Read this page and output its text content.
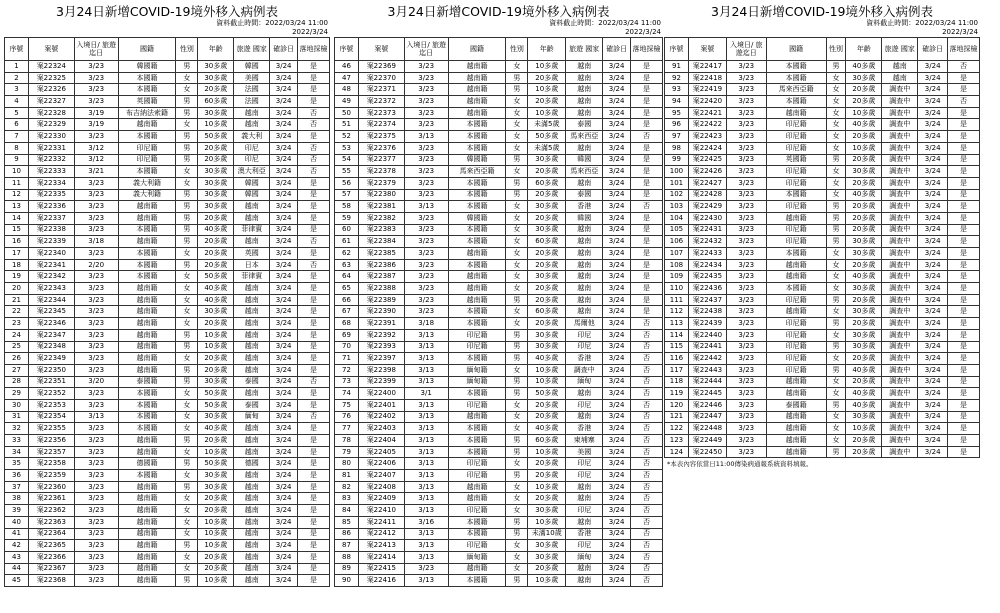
3月24日新增COVID-19境外移入病例表
資料截止時間：2022/03/24 11:00
2022/3/24
序號	案號	入境日/ 旅遊迄日	國籍	性別	年齡	旅遊 國家	確診日	落地採檢
1	案22324	3/23	韓國籍	男	30多歲	韓國	3/24	是
2	案22325	3/23	本國籍	女	30多歲	美國	3/24	是
3	案22326	3/23	本國籍	女	20多歲	法國	3/24	是
4	案22327	3/23	英國籍	男	60多歲	法國	3/24	是
5	案22328	3/19	布吉納法索籍	男	30多歲	越南	3/24	否
6	案22329	3/19	越南籍	女	10多歲	越南	3/24	否
7	案22330	3/23	本國籍	男	50多歲	義大利	3/24	是
8	案22331	3/12	印尼籍	男	20多歲	印尼	3/24	否
9	案22332	3/12	印尼籍	男	20多歲	印尼	3/24	否
10	案22333	3/21	本國籍	女	30多歲	澳大利亞	3/24	否
11	案22334	3/23	義大利籍	女	30多歲	韓國	3/24	是
12	案22335	3/23	義大利籍	男	30多歲	韓國	3/24	是
13	案22336	3/23	越南籍	男	30多歲	越南	3/24	是
14	案22337	3/23	越南籍	男	20多歲	越南	3/24	是
15	案22338	3/23	本國籍	男	40多歲	菲律賓	3/24	是
16	案22339	3/18	越南籍	男	20多歲	越南	3/24	否
17	案22340	3/23	本國籍	女	20多歲	英國	3/24	是
18	案22341	2/20	本國籍	男	20多歲	日本	3/24	否
19	案22342	3/23	本國籍	女	50多歲	菲律賓	3/24	是
20	案22343	3/23	越南籍	女	40多歲	越南	3/24	是
21	案22344	3/23	越南籍	女	40多歲	越南	3/24	是
22	案22345	3/23	越南籍	女	30多歲	越南	3/24	是
23	案22346	3/23	越南籍	女	20多歲	越南	3/24	是
24	案22347	3/23	越南籍	男	10多歲	越南	3/24	是
25	案22348	3/23	越南籍	男	10多歲	越南	3/24	是
26	案22349	3/23	越南籍	女	20多歲	越南	3/24	是
27	案22350	3/23	越南籍	男	20多歲	越南	3/24	是
28	案22351	3/20	泰國籍	男	30多歲	泰國	3/24	否
29	案22352	3/23	本國籍	女	50多歲	越南	3/24	是
30	案22353	3/23	本國籍	女	50多歲	泰國	3/24	是
31	案22354	3/13	本國籍	女	30多歲	緬甸	3/24	否
32	案22355	3/23	本國籍	女	40多歲	越南	3/24	是
33	案22356	3/23	越南籍	男	20多歲	越南	3/24	是
34	案22357	3/23	越南籍	女	10多歲	越南	3/24	是
35	案22358	3/23	德國籍	男	50多歲	德國	3/24	是
36	案22359	3/23	本國籍	女	30多歲	越南	3/24	是
37	案22360	3/23	越南籍	男	30多歲	越南	3/24	是
38	案22361	3/23	越南籍	女	20多歲	越南	3/24	是
39	案22362	3/23	越南籍	女	20多歲	越南	3/24	是
40	案22363	3/23	越南籍	女	10多歲	越南	3/24	是
41	案22364	3/23	越南籍	女	10多歲	越南	3/24	是
42	案22365	3/23	越南籍	男	10多歲	越南	3/24	是
43	案22366	3/23	越南籍	女	20多歲	越南	3/24	是
44	案22367	3/23	越南籍	女	20多歲	越南	3/24	是
45	案22368	3/23	越南籍	男	10多歲	越南	3/24	是
3月24日新增COVID-19境外移入病例表
資料截止時間：2022/03/24 11:00
2022/3/24
序號	案號	入境日/ 旅遊迄日	國籍	性別	年齡	旅遊 國家	確診日	落地採檢
46	案22369	3/23	越南籍	女	10多歲	越南	3/24	是
47	案22370	3/23	越南籍	男	20多歲	越南	3/24	是
48	案22371	3/23	越南籍	男	10多歲	越南	3/24	是
49	案22372	3/23	越南籍	女	20多歲	越南	3/24	是
50	案22373	3/23	越南籍	女	10多歲	越南	3/24	是
51	案22374	3/23	本國籍	女	未滿5歲	泰國	3/24	是
52	案22375	3/13	本國籍	女	50多歲	馬來西亞	3/24	否
53	案22376	3/23	本國籍	女	未滿5歲	越南	3/24	是
54	案22377	3/23	韓國籍	男	30多歲	韓國	3/24	是
55	案22378	3/23	馬來西亞籍	女	20多歲	馬來西亞	3/24	是
56	案22379	3/23	本國籍	男	60多歲	越南	3/24	是
57	案22380	3/23	本國籍	男	20多歲	泰國	3/24	是
58	案22381	3/13	本國籍	女	30多歲	香港	3/24	否
59	案22382	3/23	韓國籍	女	20多歲	韓國	3/24	是
60	案22383	3/23	本國籍	女	30多歲	越南	3/24	是
61	案22384	3/23	本國籍	女	60多歲	越南	3/24	是
62	案22385	3/23	越南籍	女	20多歲	越南	3/24	是
63	案22386	3/23	本國籍	女	20多歲	越南	3/24	是
64	案22387	3/23	越南籍	女	30多歲	越南	3/24	是
65	案22388	3/23	越南籍	女	20多歲	越南	3/24	是
66	案22389	3/23	越南籍	男	20多歲	越南	3/24	是
67	案22390	3/23	本國籍	女	60多歲	越南	3/24	是
68	案22391	3/18	本國籍	女	20多歲	馬爾他	3/24	否
69	案22392	3/13	印尼籍	男	30多歲	印尼	3/24	否
70	案22393	3/13	印尼籍	男	30多歲	印尼	3/24	否
71	案22397	3/13	本國籍	男	40多歲	香港	3/24	否
72	案22398	3/13	緬甸籍	女	10多歲	調查中	3/24	否
73	案22399	3/13	緬甸籍	男	10多歲	緬甸	3/24	否
74	案22400	3/1	本國籍	男	50多歲	越南	3/24	否
75	案22401	3/13	印尼籍	女	20多歲	印尼	3/24	否
76	案22402	3/13	越南籍	女	20多歲	越南	3/24	否
77	案22403	3/13	本國籍	女	40多歲	香港	3/24	否
78	案22404	3/13	本國籍	男	60多歲	柬埔寨	3/24	否
79	案22405	3/13	本國籍	男	10多歲	美國	3/24	否
80	案22406	3/13	印尼籍	女	20多歲	印尼	3/24	否
81	案22407	3/13	印尼籍	男	20多歲	印尼	3/24	否
82	案22408	3/13	越南籍	女	10多歲	越南	3/24	否
83	案22409	3/13	越南籍	女	20多歲	越南	3/24	否
84	案22410	3/13	印尼籍	女	30多歲	印尼	3/24	否
85	案22411	3/16	本國籍	男	10多歲	越南	3/24	否
86	案22412	3/13	本國籍	男	未滿10歲	香港	3/24	否
87	案22413	3/13	印尼籍	女	30多歲	印尼	3/24	否
88	案22414	3/13	緬甸籍	女	30多歲	緬甸	3/24	否
89	案22415	3/23	越南籍	女	20多歲	越南	3/24	否
90	案22416	3/13	本國籍	男	10多歲	越南	3/24	否
3月24日新增COVID-19境外移入病例表
資料截止時間：2022/03/24 11:00
2022/3/24
序號	案號	入境日/ 旅遊迄日	國籍	性別	年齡	旅遊 國家	確診日	落地採檢
91	案22417	3/23	本國籍	男	40多歲	越南	3/24	否
92	案22418	3/23	本國籍	女	30多歲	越南	3/24	是
93	案22419	3/23	馬來西亞籍	女	20多歲	調查中	3/24	是
94	案22420	3/23	本國籍	女	20多歲	調查中	3/24	否
95	案22421	3/23	越南籍	女	10多歲	調查中	3/24	是
96	案22422	3/23	印尼籍	女	40多歲	調查中	3/24	是
97	案22423	3/23	印尼籍	女	20多歲	調查中	3/24	是
98	案22424	3/23	印尼籍	女	10多歲	調查中	3/24	是
99	案22425	3/23	英國籍	男	20多歲	調查中	3/24	是
100	案22426	3/23	印尼籍	女	30多歲	調查中	3/24	是
101	案22427	3/23	印尼籍	女	20多歲	調查中	3/24	是
102	案22428	3/23	本國籍	女	40多歲	調查中	3/24	是
103	案22429	3/23	印尼籍	男	20多歲	調查中	3/24	是
104	案22430	3/23	越南籍	男	20多歲	調查中	3/24	是
105	案22431	3/23	印尼籍	男	20多歲	調查中	3/24	是
106	案22432	3/23	印尼籍	男	30多歲	調查中	3/24	是
107	案22433	3/23	本國籍	女	30多歲	調查中	3/24	是
108	案22434	3/23	越南籍	女	20多歲	調查中	3/24	是
109	案22435	3/23	越南籍	女	40多歲	調查中	3/24	是
110	案22436	3/23	本國籍	女	30多歲	調查中	3/24	是
111	案22437	3/23	印尼籍	男	20多歲	調查中	3/24	是
112	案22438	3/23	越南籍	女	30多歲	調查中	3/24	是
113	案22439	3/23	印尼籍	男	20多歲	調查中	3/24	是
114	案22440	3/23	印尼籍	女	30多歲	調查中	3/24	是
115	案22441	3/23	印尼籍	男	30多歲	調查中	3/24	是
116	案22442	3/23	印尼籍	女	20多歲	調查中	3/24	是
117	案22443	3/23	印尼籍	男	40多歲	調查中	3/24	是
118	案22444	3/23	越南籍	女	20多歲	調查中	3/24	是
119	案22445	3/23	越南籍	女	40多歲	調查中	3/24	是
120	案22446	3/23	泰國籍	男	40多歲	調查中	3/24	是
121	案22447	3/23	越南籍	女	30多歲	調查中	3/24	是
122	案22448	3/23	越南籍	女	10多歲	調查中	3/24	是
123	案22449	3/23	越南籍	女	20多歲	調查中	3/24	是
124	案22450	3/23	越南籍	男	20多歲	調查中	3/24	是
*本表內容依當日11:00傳染病通報系統資料填報。
